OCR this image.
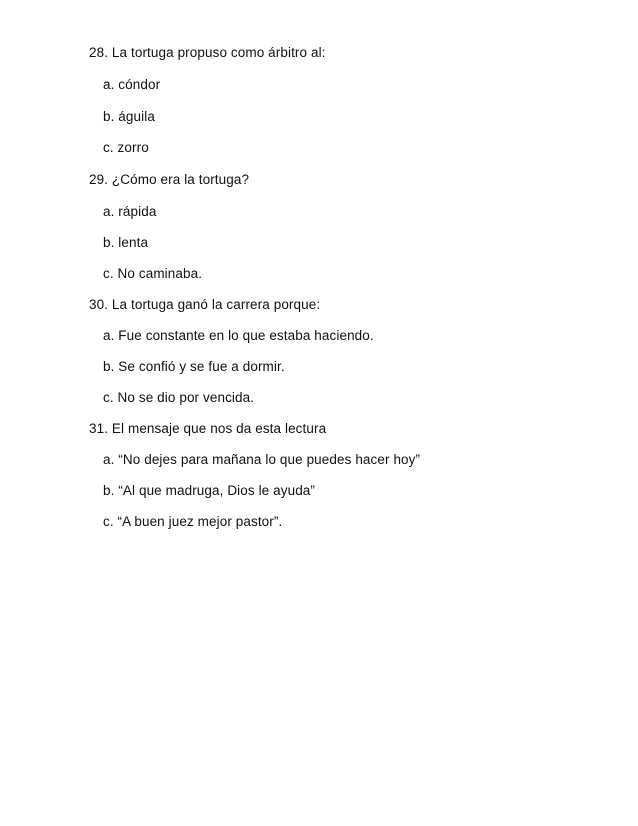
28. La tortuga propuso como árbitro al:
a. cóndor
b. águila
c. zorro
29. ¿Cómo era la tortuga?
a. rápida
b. lenta
c. No caminaba.
30. La tortuga ganó la carrera porque:
a. Fue constante en lo que estaba haciendo.
b. Se confió y se fue a dormir.
c. No se dio por vencida.
31. El mensaje que nos da esta lectura
a. “No dejes para mañana lo que puedes hacer hoy”
b. “Al que madruga, Dios le ayuda”
c. “A buen juez mejor pastor”.
